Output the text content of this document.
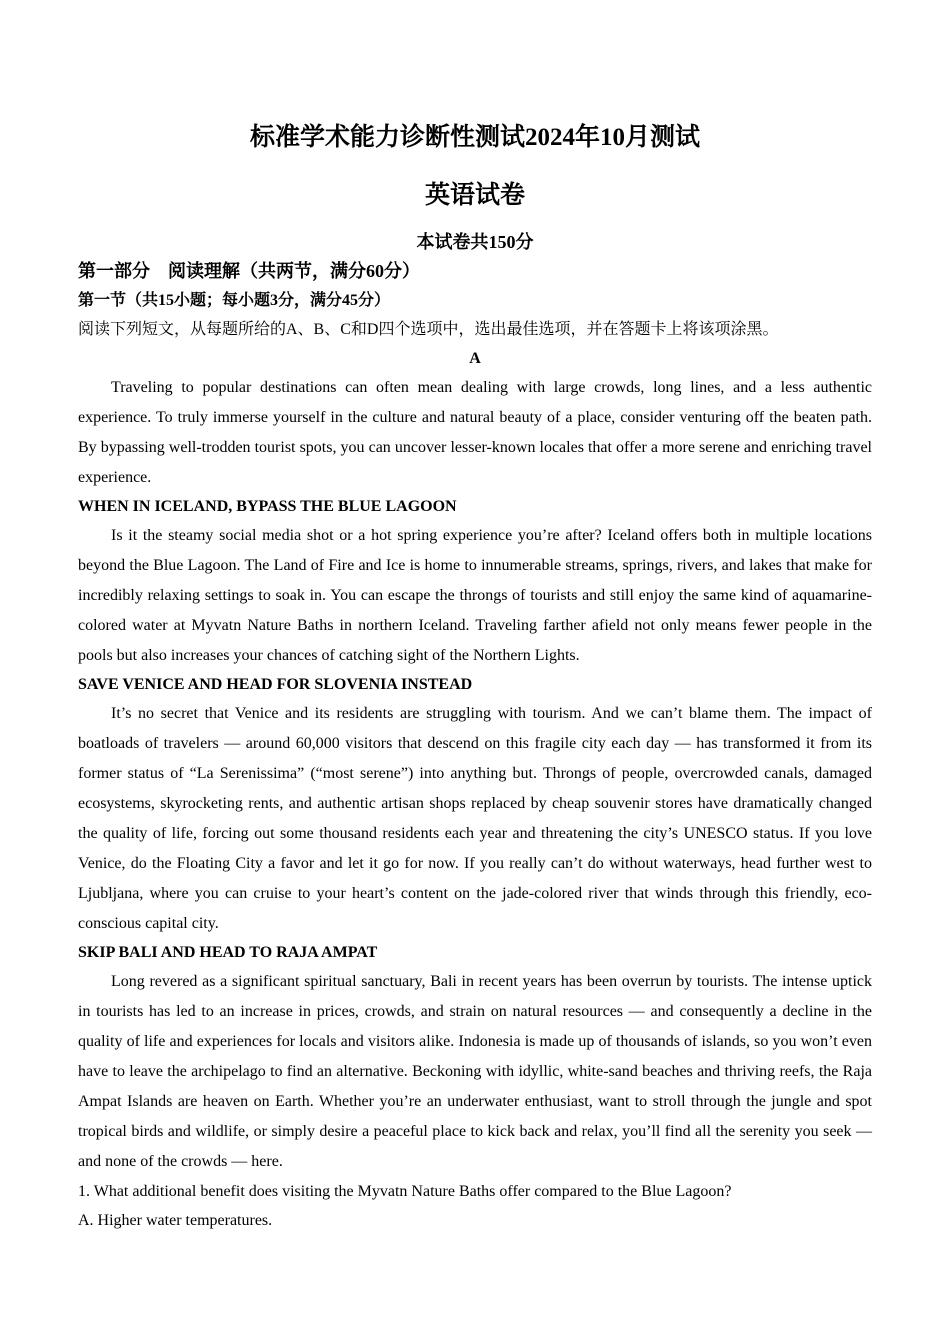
标准学术能力诊断性测试2024年10月测试
英语试卷
本试卷共150分
第一部分　阅读理解（共两节，满分60分）
第一节（共15小题；每小题3分，满分45分）
阅读下列短文，从每题所给的A、B、C和D四个选项中，选出最佳选项，并在答题卡上将该项涂黑。
A

Traveling to popular destinations can often mean dealing with large crowds, long lines, and a less authentic experience. To truly immerse yourself in the culture and natural beauty of a place, consider venturing off the beaten path. By bypassing well-trodden tourist spots, you can uncover lesser-known locales that offer a more serene and enriching travel experience.

WHEN IN ICELAND, BYPASS THE BLUE LAGOON

Is it the steamy social media shot or a hot spring experience you’re after? Iceland offers both in multiple locations beyond the Blue Lagoon. The Land of Fire and Ice is home to innumerable streams, springs, rivers, and lakes that make for incredibly relaxing settings to soak in. You can escape the throngs of tourists and still enjoy the same kind of aquamarine-colored water at Myvatn Nature Baths in northern Iceland. Traveling farther afield not only means fewer people in the pools but also increases your chances of catching sight of the Northern Lights.

SAVE VENICE AND HEAD FOR SLOVENIA INSTEAD

It’s no secret that Venice and its residents are struggling with tourism. And we can’t blame them. The impact of boatloads of travelers — around 60,000 visitors that descend on this fragile city each day — has transformed it from its former status of “La Serenissima” (“most serene”) into anything but. Throngs of people, overcrowded canals, damaged ecosystems, skyrocketing rents, and authentic artisan shops replaced by cheap souvenir stores have dramatically changed the quality of life, forcing out some thousand residents each year and threatening the city’s UNESCO status. If you love Venice, do the Floating City a favor and let it go for now. If you really can’t do without waterways, head further west to Ljubljana, where you can cruise to your heart’s content on the jade-colored river that winds through this friendly, eco-conscious capital city.

SKIP BALI AND HEAD TO RAJA AMPAT

Long revered as a significant spiritual sanctuary, Bali in recent years has been overrun by tourists. The intense uptick in tourists has led to an increase in prices, crowds, and strain on natural resources — and consequently a decline in the quality of life and experiences for locals and visitors alike. Indonesia is made up of thousands of islands, so you won’t even have to leave the archipelago to find an alternative. Beckoning with idyllic, white-sand beaches and thriving reefs, the Raja Ampat Islands are heaven on Earth. Whether you’re an underwater enthusiast, want to stroll through the jungle and spot tropical birds and wildlife, or simply desire a peaceful place to kick back and relax, you’ll find all the serenity you seek — and none of the crowds — here.

1. What additional benefit does visiting the Myvatn Nature Baths offer compared to the Blue Lagoon?
A. Higher water temperatures.
